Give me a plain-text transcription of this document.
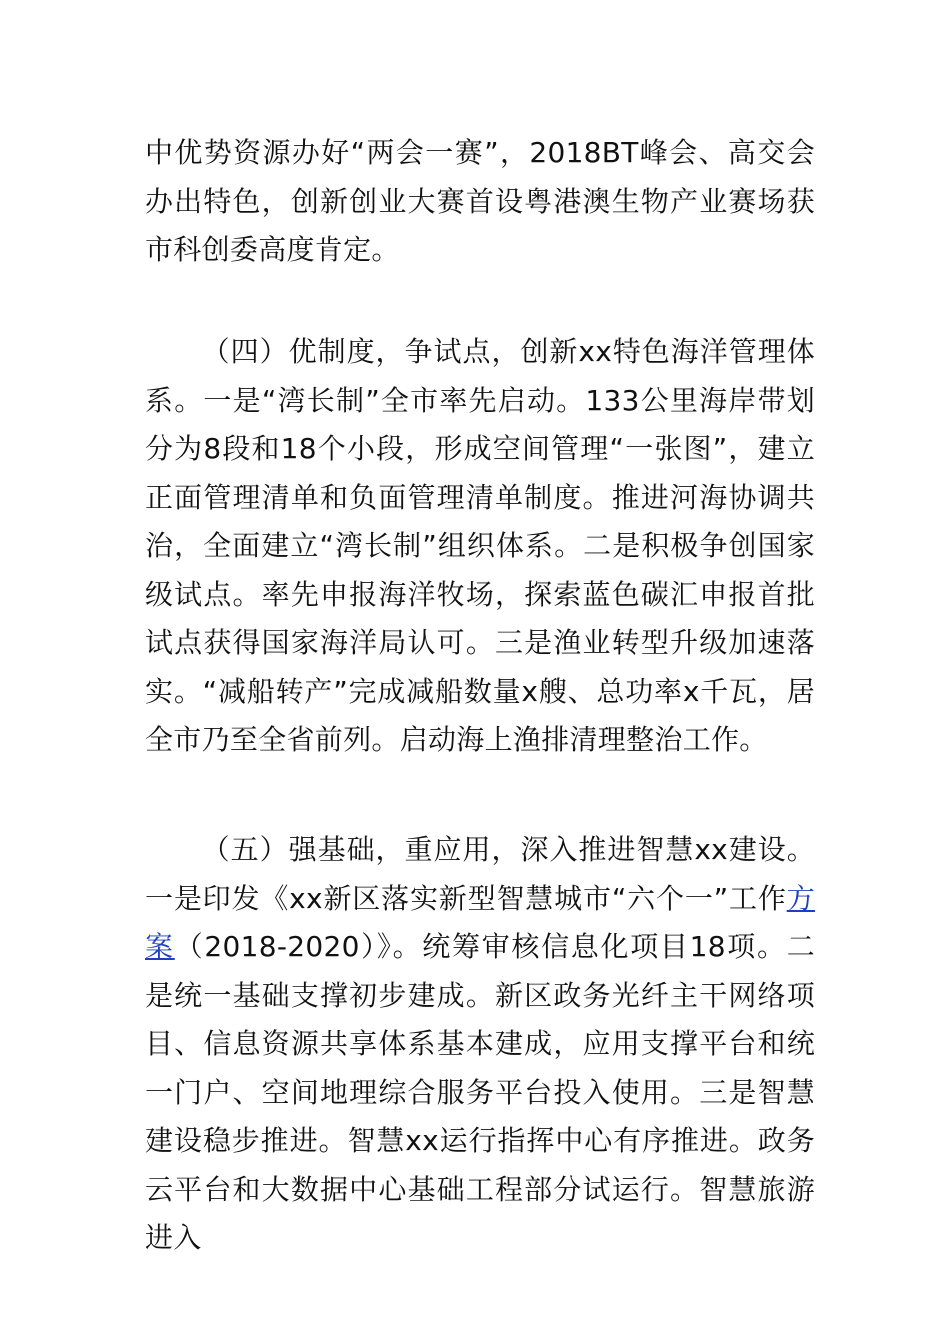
中优势资源办好“两会一赛”，2018BT峰会、高交会办出特色，创新创业大赛首设粤港澳生物产业赛场获市科创委高度肯定。

（四）优制度，争试点，创新xx特色海洋管理体系。一是“湾长制”全市率先启动。133公里海岸带划分为8段和18个小段，形成空间管理“一张图”，建立正面管理清单和负面管理清单制度。推进河海协调共治，全面建立“湾长制”组织体系。二是积极争创国家级试点。率先申报海洋牧场，探索蓝色碳汇申报首批试点获得国家海洋局认可。三是渔业转型升级加速落实。“减船转产”完成减船数量x艘、总功率x千瓦，居全市乃至全省前列。启动海上渔排清理整治工作。

（五）强基础，重应用，深入推进智慧xx建设。一是印发《xx新区落实新型智慧城市“六个一”工作方案（2018-2020）》。统筹审核信息化项目18项。二是统一基础支撑初步建成。新区政务光纤主干网络项目、信息资源共享体系基本建成，应用支撑平台和统一门户、空间地理综合服务平台投入使用。三是智慧建设稳步推进。智慧xx运行指挥中心有序推进。政务云平台和大数据中心基础工程部分试运行。智慧旅游进入
